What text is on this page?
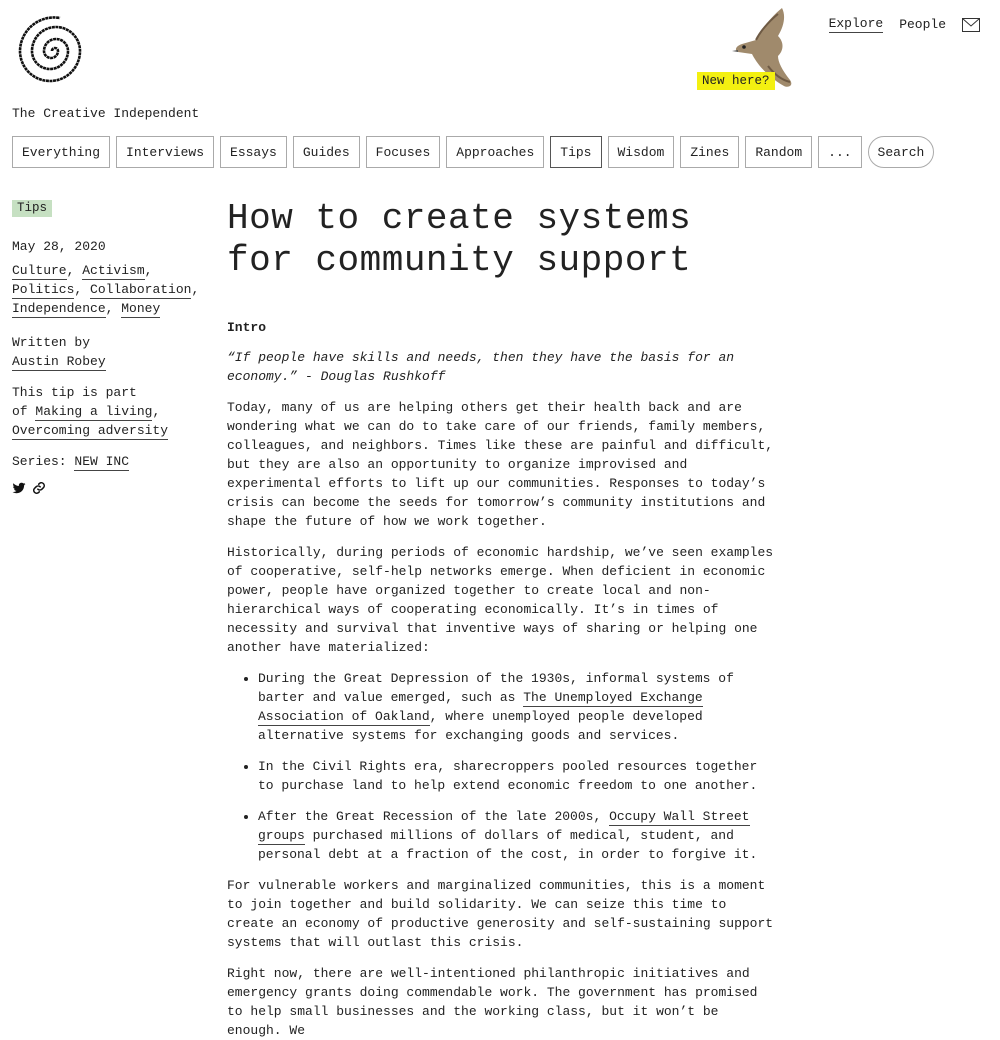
The Creative Independent
New here?
Explore People
Everything	Interviews	Essays	Guides	Focuses	Approaches	Tips	Wisdom	Zines	Random	...	Search
Tips
May 28, 2020
Culture, Activism,
Politics, Collaboration,
Independence, Money
Written by
Austin Robey
This tip is part
of Making a living,
Overcoming adversity
Series: NEW INC
How to create systems
for community support
Intro
“If people have skills and needs, then they have the basis for an economy.” - Douglas Rushkoff
Today, many of us are helping others get their health back and are wondering what we can do to take care of our friends, family members, colleagues, and neighbors. Times like these are painful and difficult, but they are also an opportunity to organize improvised and experimental efforts to lift up our communities. Responses to today’s crisis can become the seeds for tomorrow’s community institutions and shape the future of how we work together.
Historically, during periods of economic hardship, we’ve seen examples of cooperative, self-help networks emerge. When deficient in economic power, people have organized together to create local and non-hierarchical ways of cooperating economically. It’s in times of necessity and survival that inventive ways of sharing or helping one another have materialized:
• During the Great Depression of the 1930s, informal systems of barter and value emerged, such as The Unemployed Exchange Association of Oakland, where unemployed people developed alternative systems for exchanging goods and services.
• In the Civil Rights era, sharecroppers pooled resources together to purchase land to help extend economic freedom to one another.
• After the Great Recession of the late 2000s, Occupy Wall Street groups purchased millions of dollars of medical, student, and personal debt at a fraction of the cost, in order to forgive it.
For vulnerable workers and marginalized communities, this is a moment to join together and build solidarity. We can seize this time to create an economy of productive generosity and self-sustaining support systems that will outlast this crisis.
Right now, there are well-intentioned philanthropic initiatives and emergency grants doing commendable work. The government has promised to help small businesses and the working class, but it won’t be enough. We
